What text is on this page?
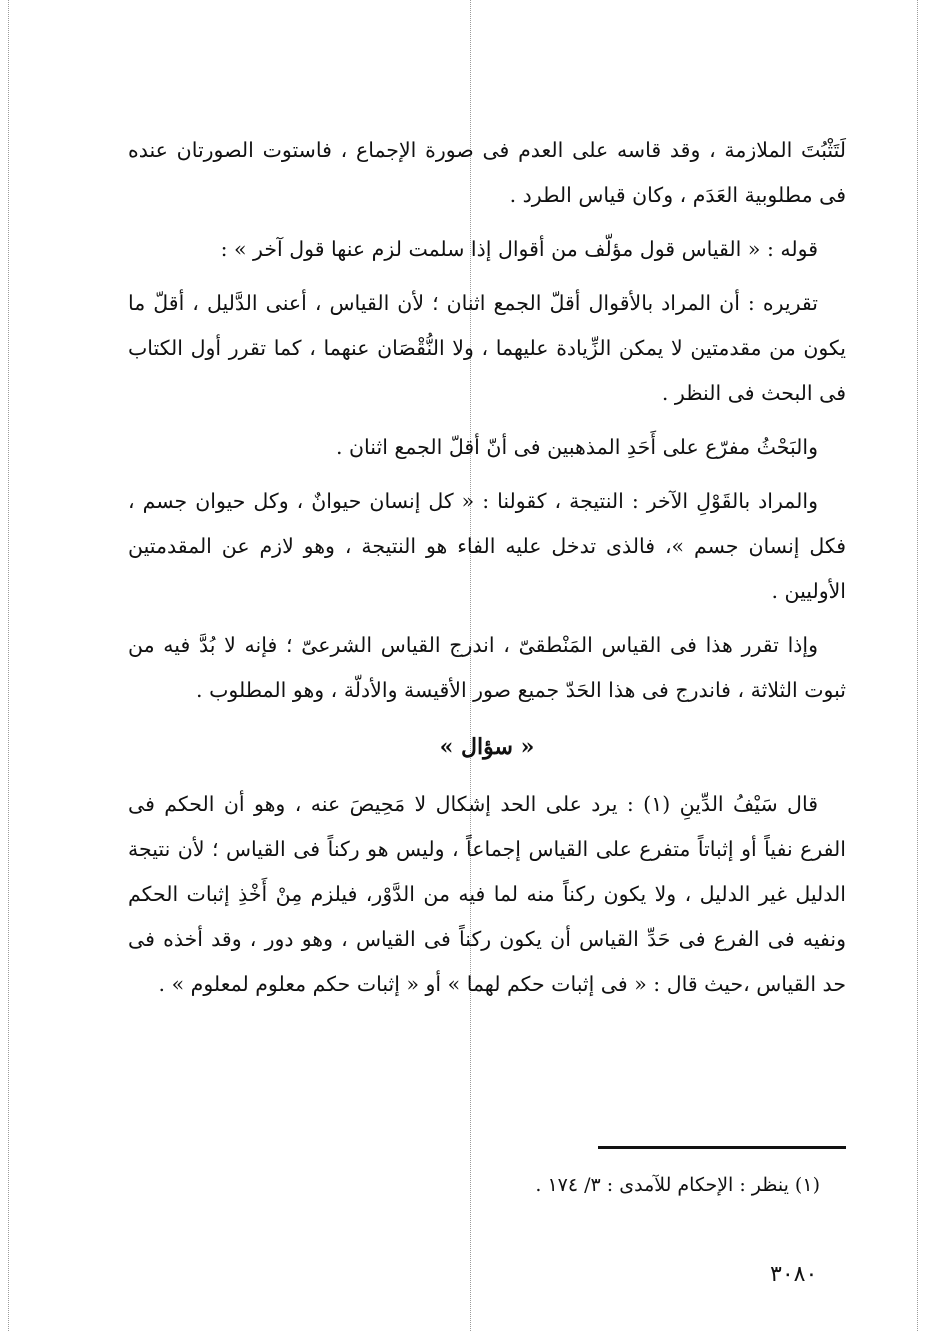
لَتَثْبُتَ الملازمة ، وقد قاسه على العدم فى صورة الإجماع ، فاستوت الصورتان عنده فى مطلوبية العَدَم ، وكان قياس الطرد .

قوله : « القياس قول مؤلّف من أقوال إذا سلمت لزم عنها قول آخر » :

تقريره : أن المراد بالأقوال أقلّ الجمع اثنان ؛ لأن القياس ، أعنى الدَّليل ، أقلّ ما يكون من مقدمتين لا يمكن الزِّيادة عليهما ، ولا النُّقْصَان عنهما ، كما تقرر أول الكتاب فى البحث فى النظر .

والبَحْثُ مفرّع على أَحَدِ المذهبين فى أنّ أقلّ الجمع اثنان .

والمراد بالقَوْلِ الآخر : النتيجة ، كقولنا : « كل إنسان حيوانٌ ، وكل حيوان جسم ، فكل إنسان جسم »، فالذى تدخل عليه الفاء هو النتيجة ، وهو لازم عن المقدمتين الأوليين .

وإذا تقرر هذا فى القياس المَنْطقىّ ، اندرج القياس الشرعىّ ؛ فإنه لا بُدَّ فيه من ثبوت الثلاثة ، فاندرج فى هذا الحَدّ جميع صور الأقيسة والأدلّة ، وهو المطلوب .

« سؤال »

قال سَيْفُ الدِّينِ (١) : يرد على الحد إشكال لا مَحِيصَ عنه ، وهو أن الحكم فى الفرع نفياً أو إثباتاً متفرع على القياس إجماعاً ، وليس هو ركناً فى القياس ؛ لأن نتيجة الدليل غير الدليل ، ولا يكون ركناً منه لما فيه من الدَّوْر، فيلزم مِنْ أَخْذِ إثبات الحكم ونفيه فى الفرع فى حَدِّ القياس أن يكون ركناً فى القياس ، وهو دور ، وقد أخذه فى حد القياس ،حيث قال : « فى إثبات حكم لهما » أو « إثبات حكم معلوم لمعلوم » .

(١) ينظر : الإحكام للآمدى : ٣/ ١٧٤ .
٣٠٨٠
